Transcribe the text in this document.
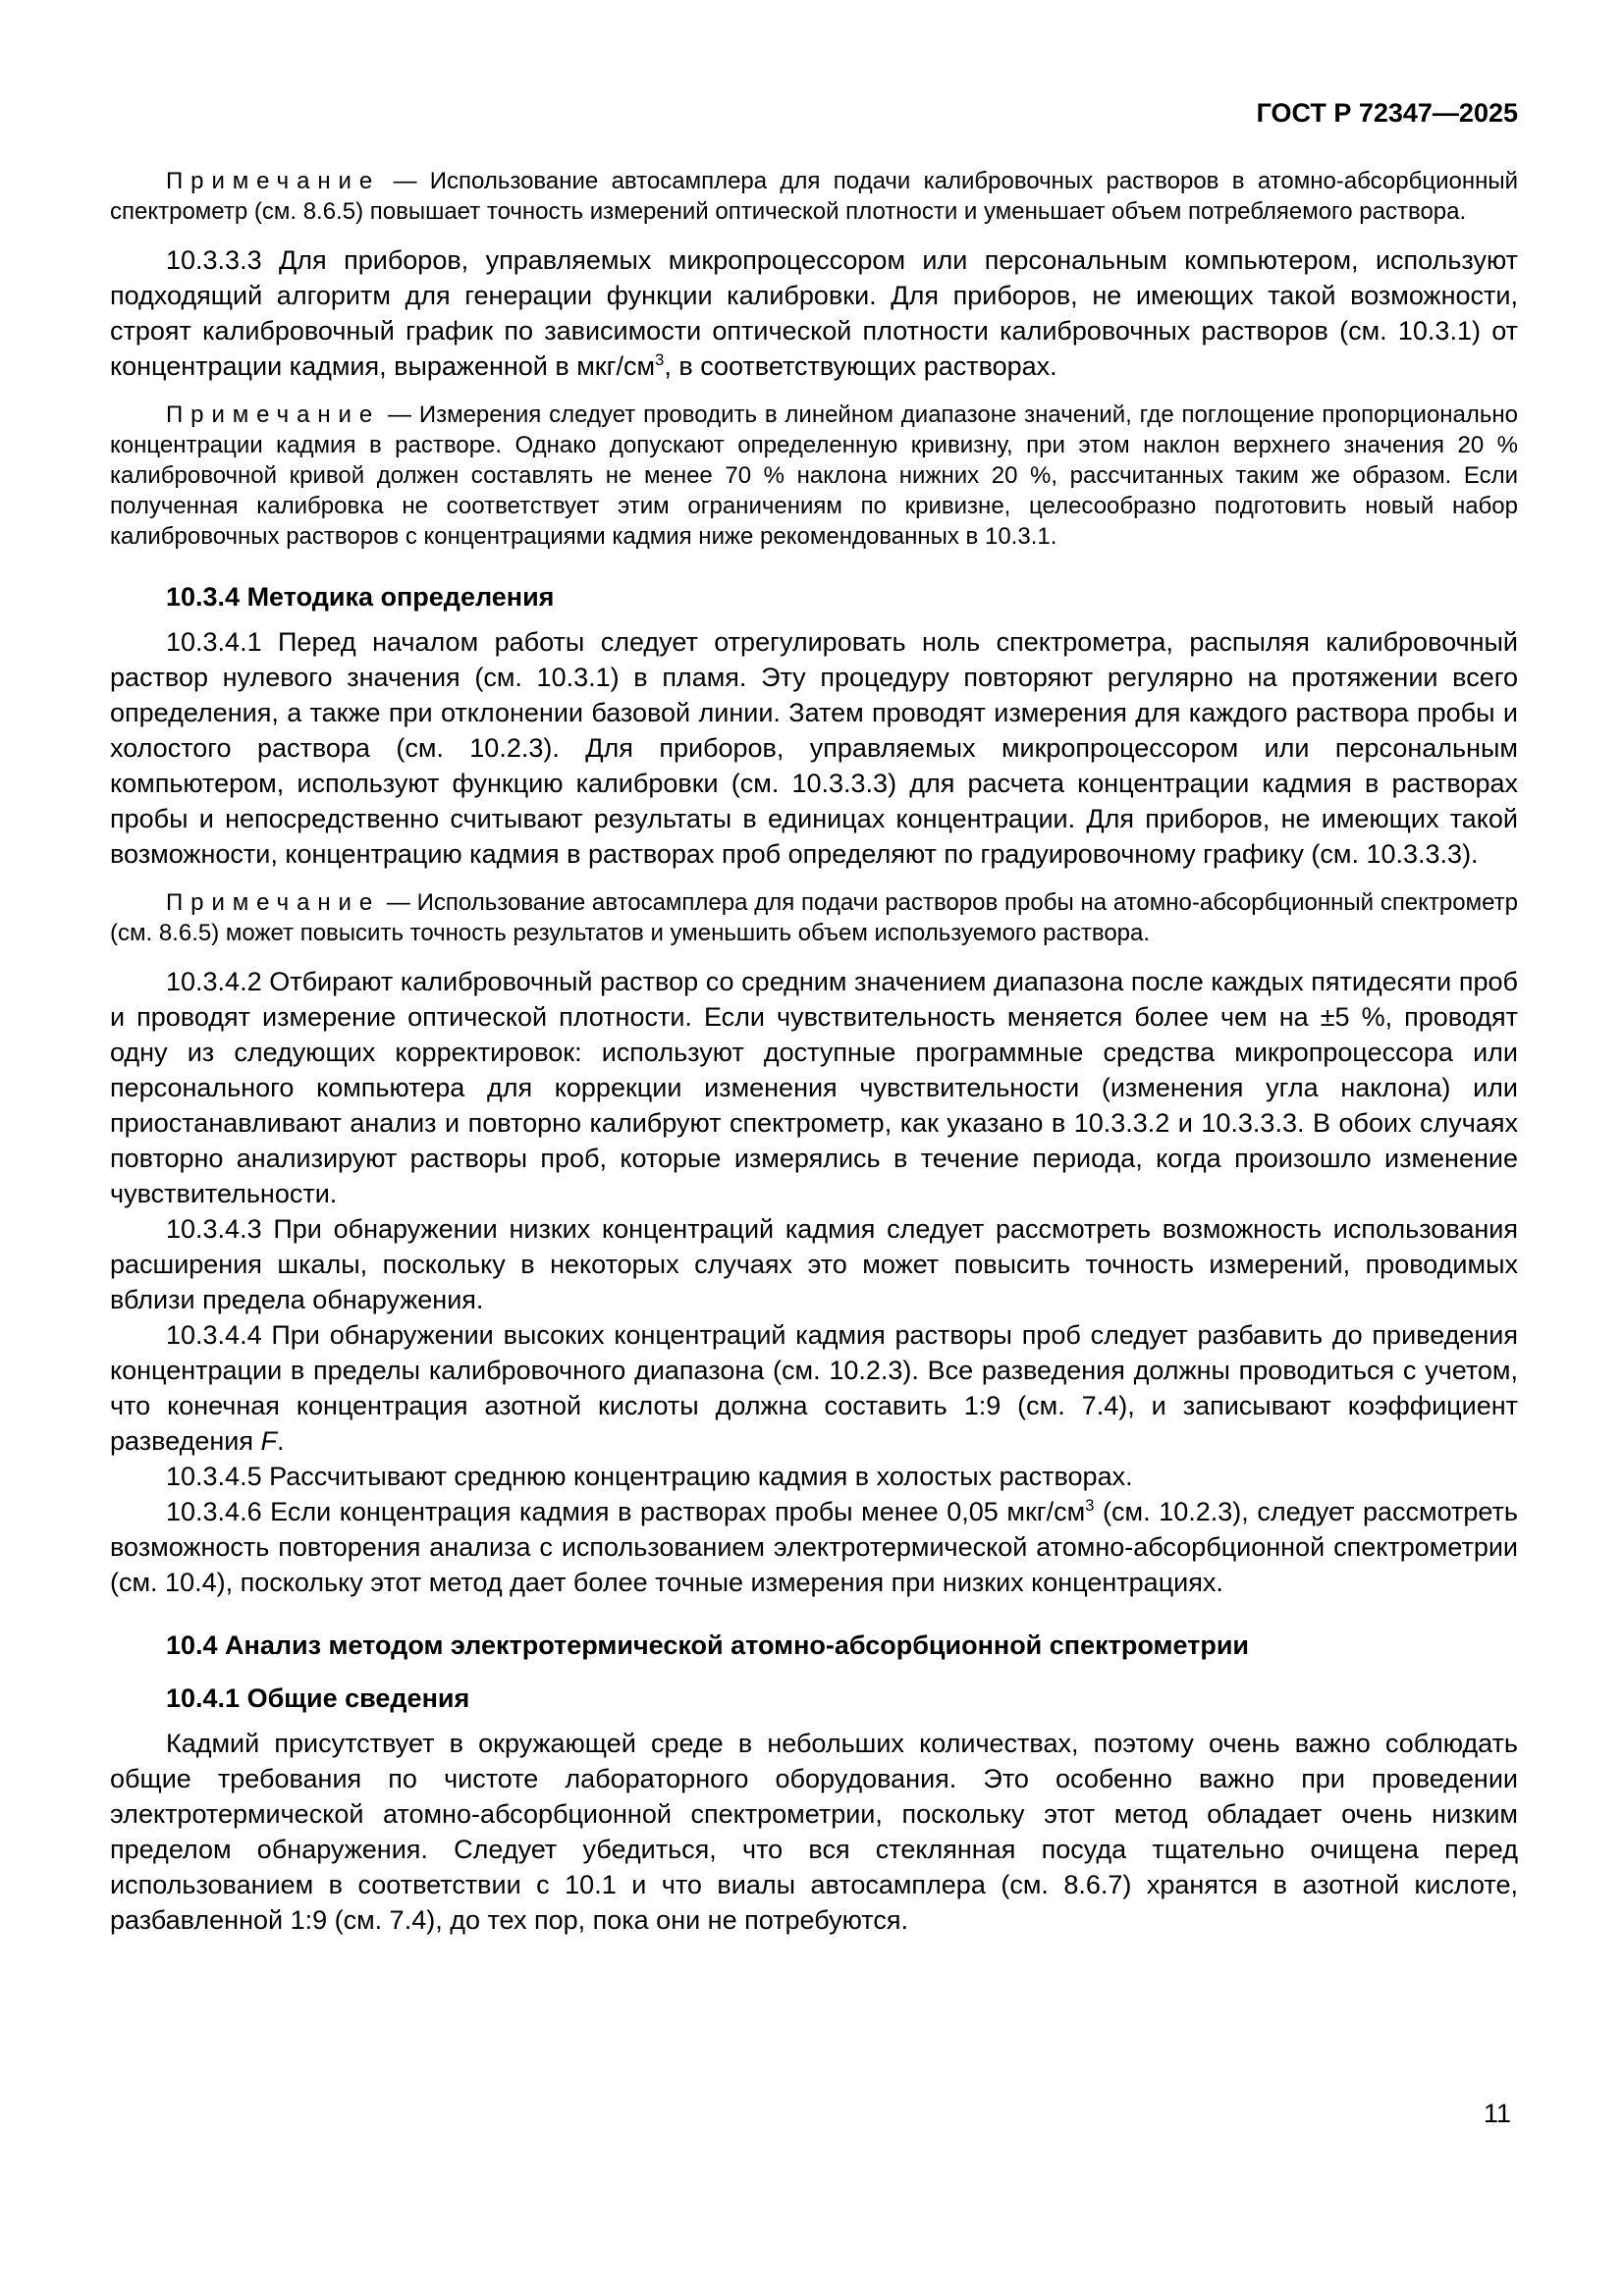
ГОСТ Р 72347—2025

Примечание — Использование автосамплера для подачи калибровочных растворов в атомно-абсорбционный спектрометр (см. 8.6.5) повышает точность измерений оптической плотности и уменьшает объем потребляемого раствора.

10.3.3.3 Для приборов, управляемых микропроцессором или персональным компьютером, используют подходящий алгоритм для генерации функции калибровки. Для приборов, не имеющих такой возможности, строят калибровочный график по зависимости оптической плотности калибровочных растворов (см. 10.3.1) от концентрации кадмия, выраженной в мкг/$см^3$, в соответствующих растворах.

Примечание — Измерения следует проводить в линейном диапазоне значений, где поглощение пропорционально концентрации кадмия в растворе. Однако допускают определенную кривизну, при этом наклон верхнего значения 20 % калибровочной кривой должен составлять не менее 70 % наклона нижних 20 %, рассчитанных таким же образом. Если полученная калибровка не соответствует этим ограничениям по кривизне, целесообразно подготовить новый набор калибровочных растворов с концентрациями кадмия ниже рекомендованных в 10.3.1.

10.3.4 Методика определения

10.3.4.1 Перед началом работы следует отрегулировать ноль спектрометра, распыляя калибровочный раствор нулевого значения (см. 10.3.1) в пламя. Эту процедуру повторяют регулярно на протяжении всего определения, а также при отклонении базовой линии. Затем проводят измерения для каждого раствора пробы и холостого раствора (см. 10.2.3). Для приборов, управляемых микропроцессором или персональным компьютером, используют функцию калибровки (см. 10.3.3.3) для расчета концентрации кадмия в растворах пробы и непосредственно считывают результаты в единицах концентрации. Для приборов, не имеющих такой возможности, концентрацию кадмия в растворах проб определяют по градуировочному графику (см. 10.3.3.3).

Примечание — Использование автосамплера для подачи растворов пробы на атомно-абсорбционный спектрометр (см. 8.6.5) может повысить точность результатов и уменьшить объем используемого раствора.

10.3.4.2 Отбирают калибровочный раствор со средним значением диапазона после каждых пятидесяти проб и проводят измерение оптической плотности. Если чувствительность меняется более чем на ±5 %, проводят одну из следующих корректировок: используют доступные программные средства микропроцессора или персонального компьютера для коррекции изменения чувствительности (изменения угла наклона) или приостанавливают анализ и повторно калибруют спектрометр, как указано в 10.3.3.2 и 10.3.3.3. В обоих случаях повторно анализируют растворы проб, которые измерялись в течение периода, когда произошло изменение чувствительности.

10.3.4.3 При обнаружении низких концентраций кадмия следует рассмотреть возможность использования расширения шкалы, поскольку в некоторых случаях это может повысить точность измерений, проводимых вблизи предела обнаружения.

10.3.4.4 При обнаружении высоких концентраций кадмия растворы проб следует разбавить до приведения концентрации в пределы калибровочного диапазона (см. 10.2.3). Все разведения должны проводиться с учетом, что конечная концентрация азотной кислоты должна составить 1:9 (см. 7.4), и записывают коэффициент разведения F.

10.3.4.5 Рассчитывают среднюю концентрацию кадмия в холостых растворах.

10.3.4.6 Если концентрация кадмия в растворах пробы менее 0,05 мкг/$см^3$ (см. 10.2.3), следует рассмотреть возможность повторения анализа с использованием электротермической атомно-абсорбционной спектрометрии (см. 10.4), поскольку этот метод дает более точные измерения при низких концентрациях.

10.4 Анализ методом электротермической атомно-абсорбционной спектрометрии
10.4.1 Общие сведения

Кадмий присутствует в окружающей среде в небольших количествах, поэтому очень важно соблюдать общие требования по чистоте лабораторного оборудования. Это особенно важно при проведении электротермической атомно-абсорбционной спектрометрии, поскольку этот метод обладает очень низким пределом обнаружения. Следует убедиться, что вся стеклянная посуда тщательно очищена перед использованием в соответствии с 10.1 и что виалы автосамплера (см. 8.6.7) хранятся в азотной кислоте, разбавленной 1:9 (см. 7.4), до тех пор, пока они не потребуются.

11
